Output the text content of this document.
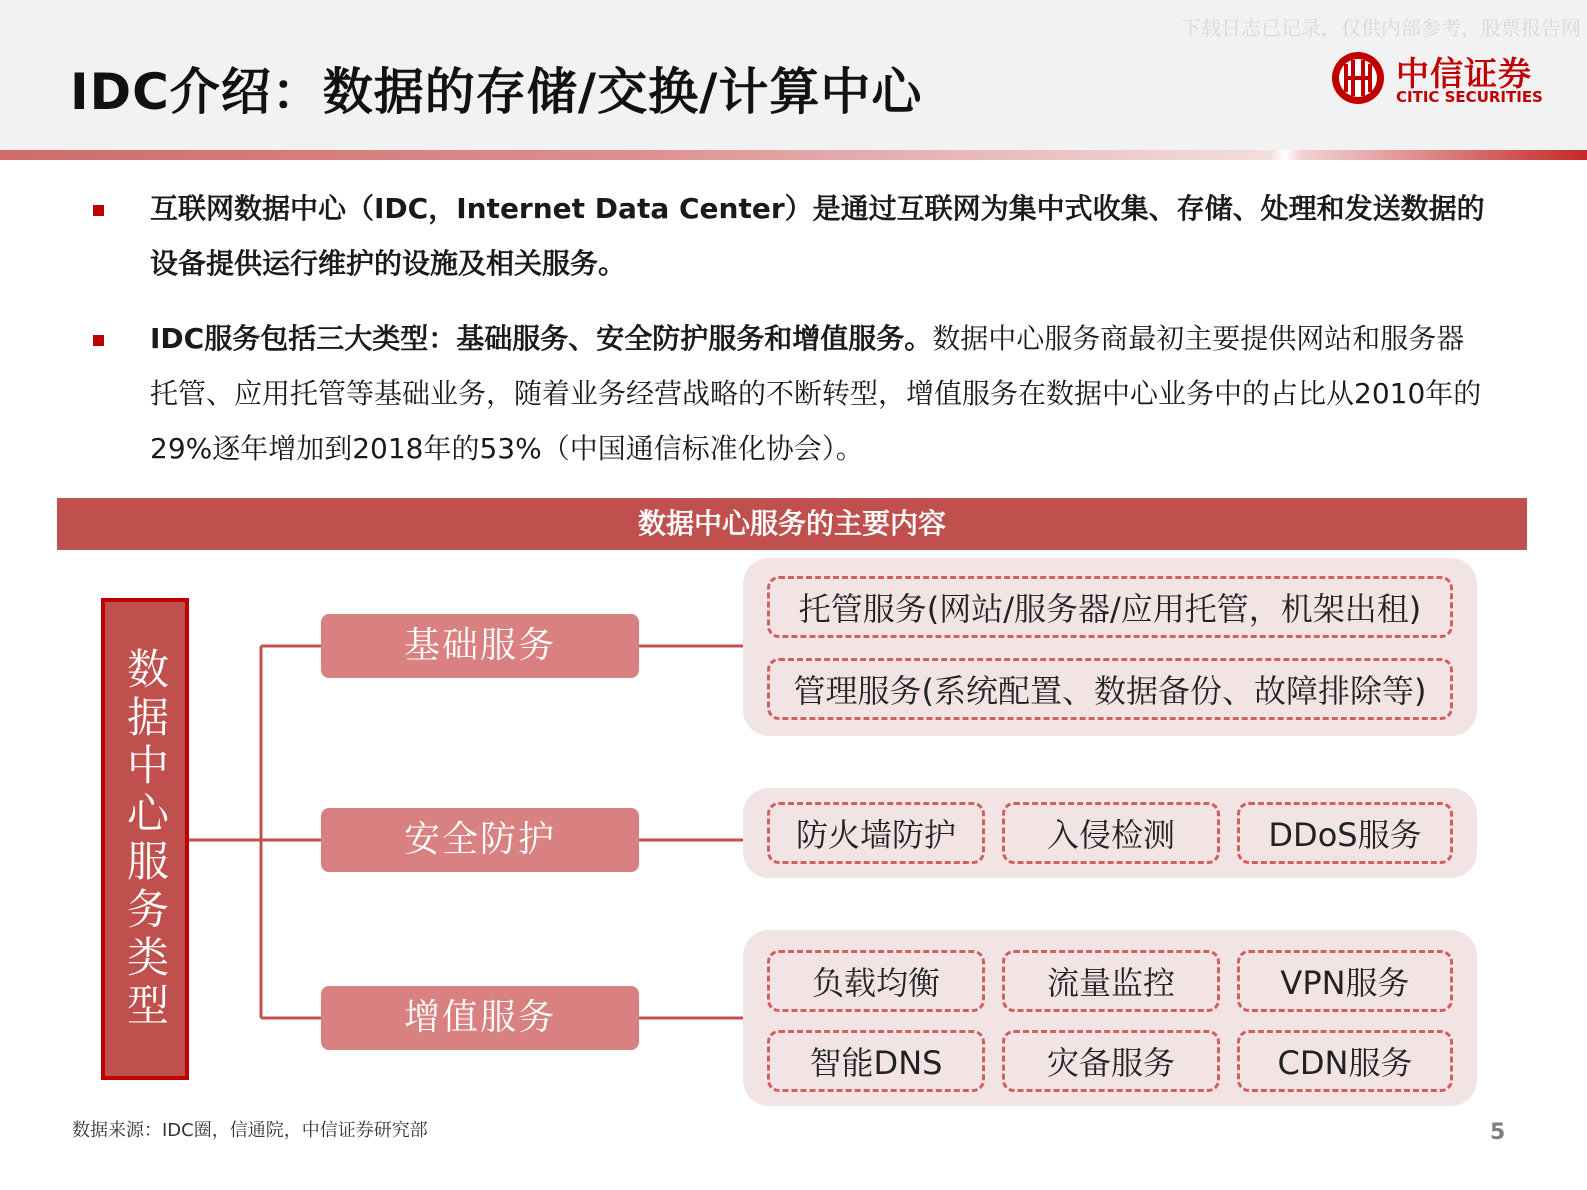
IDC介绍：数据的存储/交换/计算中心
下载日志已记录，仅供内部参考，股票报告网
中信证券
CITIC SECURITIES
互联网数据中心（IDC，Internet Data Center）是通过互联网为集中式收集、存储、处理和发送数据的设备提供运行维护的设施及相关服务。
IDC服务包括三大类型：基础服务、安全防护服务和增值服务。数据中心服务商最初主要提供网站和服务器托管、应用托管等基础业务，随着业务经营战略的不断转型，增值服务在数据中心业务中的占比从2010年的29%逐年增加到2018年的53%（中国通信标准化协会）。
数据中心服务的主要内容
数据中心服务类型
基础服务
安全防护
增值服务
托管服务(网站/服务器/应用托管，机架出租)
管理服务(系统配置、数据备份、故障排除等)
防火墙防护	入侵检测	DDoS服务
负载均衡	流量监控	VPN服务
智能DNS	灾备服务	CDN服务
数据来源：IDC圈，信通院，中信证券研究部	5
